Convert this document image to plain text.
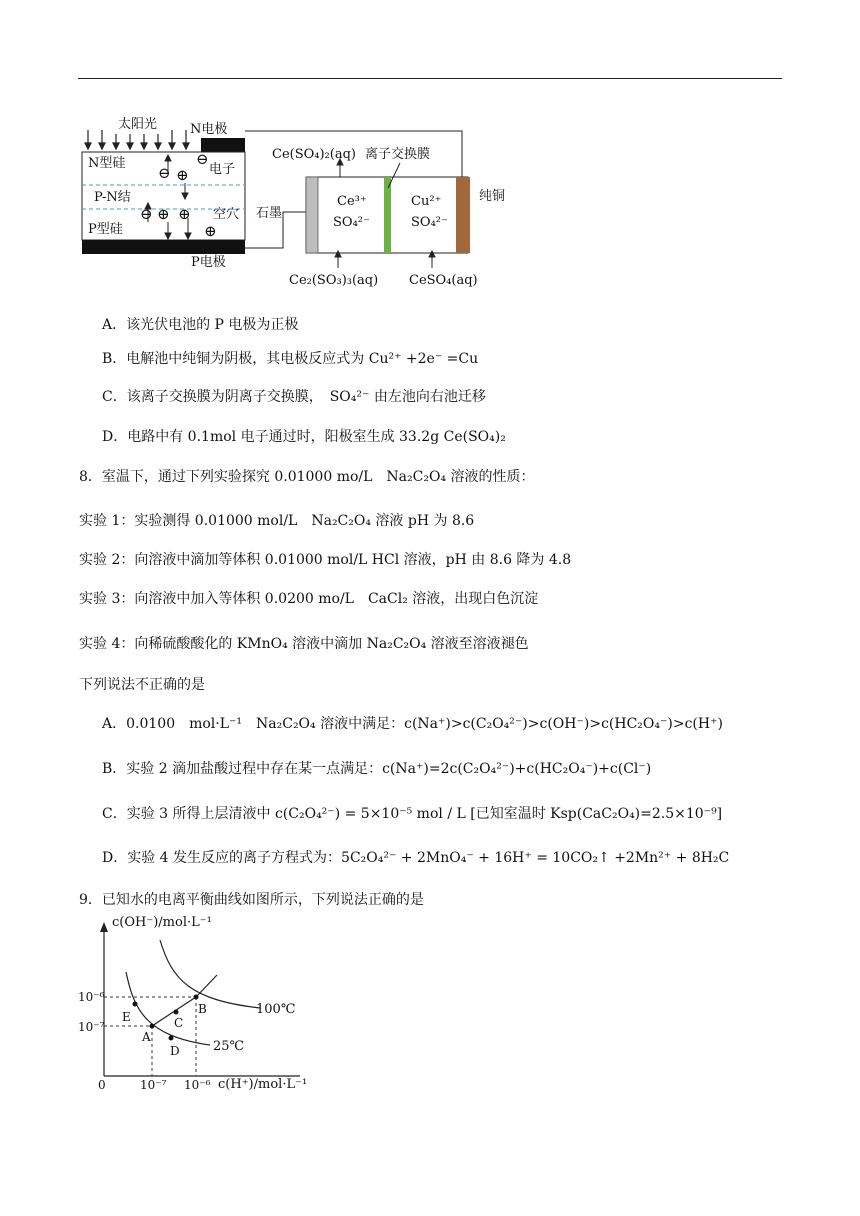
太阳光	N电极
N型硅
P-N结
P型硅
电子
空穴
P电极
⊖
⊖ ⊕
⊖ ⊕ ⊕
⊕
Ce(SO₄)₂(aq) 离子交换膜
石墨
Ce³⁺
SO₄²⁻
Cu²⁺
SO₄²⁻
纯铜
Ce₂(SO₃)₃(aq) CeSO₄(aq)
A．该光伏电池的 P 电极为正极
B．电解池中纯铜为阴极，其电极反应式为 Cu²⁺ +2e⁻ =Cu
C．该离子交换膜为阴离子交换膜，　SO₄²⁻ 由左池向右池迁移
D．电路中有 0.1mol 电子通过时，阳极室生成 33.2g Ce(SO₄)₂
8．室温下，通过下列实验探究 0.01000 mo/L　Na₂C₂O₄ 溶液的性质：
实验 1：实验测得 0.01000 mol/L　Na₂C₂O₄ 溶液 pH 为 8.6
实验 2：向溶液中滴加等体积 0.01000 mol/L HCl 溶液，pH 由 8.6 降为 4.8
实验 3：向溶液中加入等体积 0.0200 mo/L　CaCl₂ 溶液，出现白色沉淀
实验 4：向稀硫酸酸化的 KMnO₄ 溶液中滴加 Na₂C₂O₄ 溶液至溶液褪色
下列说法不正确的是
A．0.0100　mol·L⁻¹　Na₂C₂O₄ 溶液中满足：c(Na⁺)>c(C₂O₄²⁻)>c(OH⁻)>c(HC₂O₄⁻)>c(H⁺)
B．实验 2 滴加盐酸过程中存在某一点满足：c(Na⁺)=2c(C₂O₄²⁻)+c(HC₂O₄⁻)+c(Cl⁻)
C．实验 3 所得上层清液中 c(C₂O₄²⁻) = 5×10⁻⁵ mol / L [已知室温时 Ksp(CaC₂O₄)=2.5×10⁻⁹]
D．实验 4 发生反应的离子方程式为：5C₂O₄²⁻ + 2MnO₄⁻ + 16H⁺ = 10CO₂↑ +2Mn²⁺ + 8H₂C
9．已知水的电离平衡曲线如图所示，下列说法正确的是
c(OH⁻)/mol·L⁻¹
c(H⁺)/mol·L⁻¹
0
10⁻⁶
10⁻⁷
10⁻⁷ 10⁻⁶
100℃
25℃
A
B
C
D
E
